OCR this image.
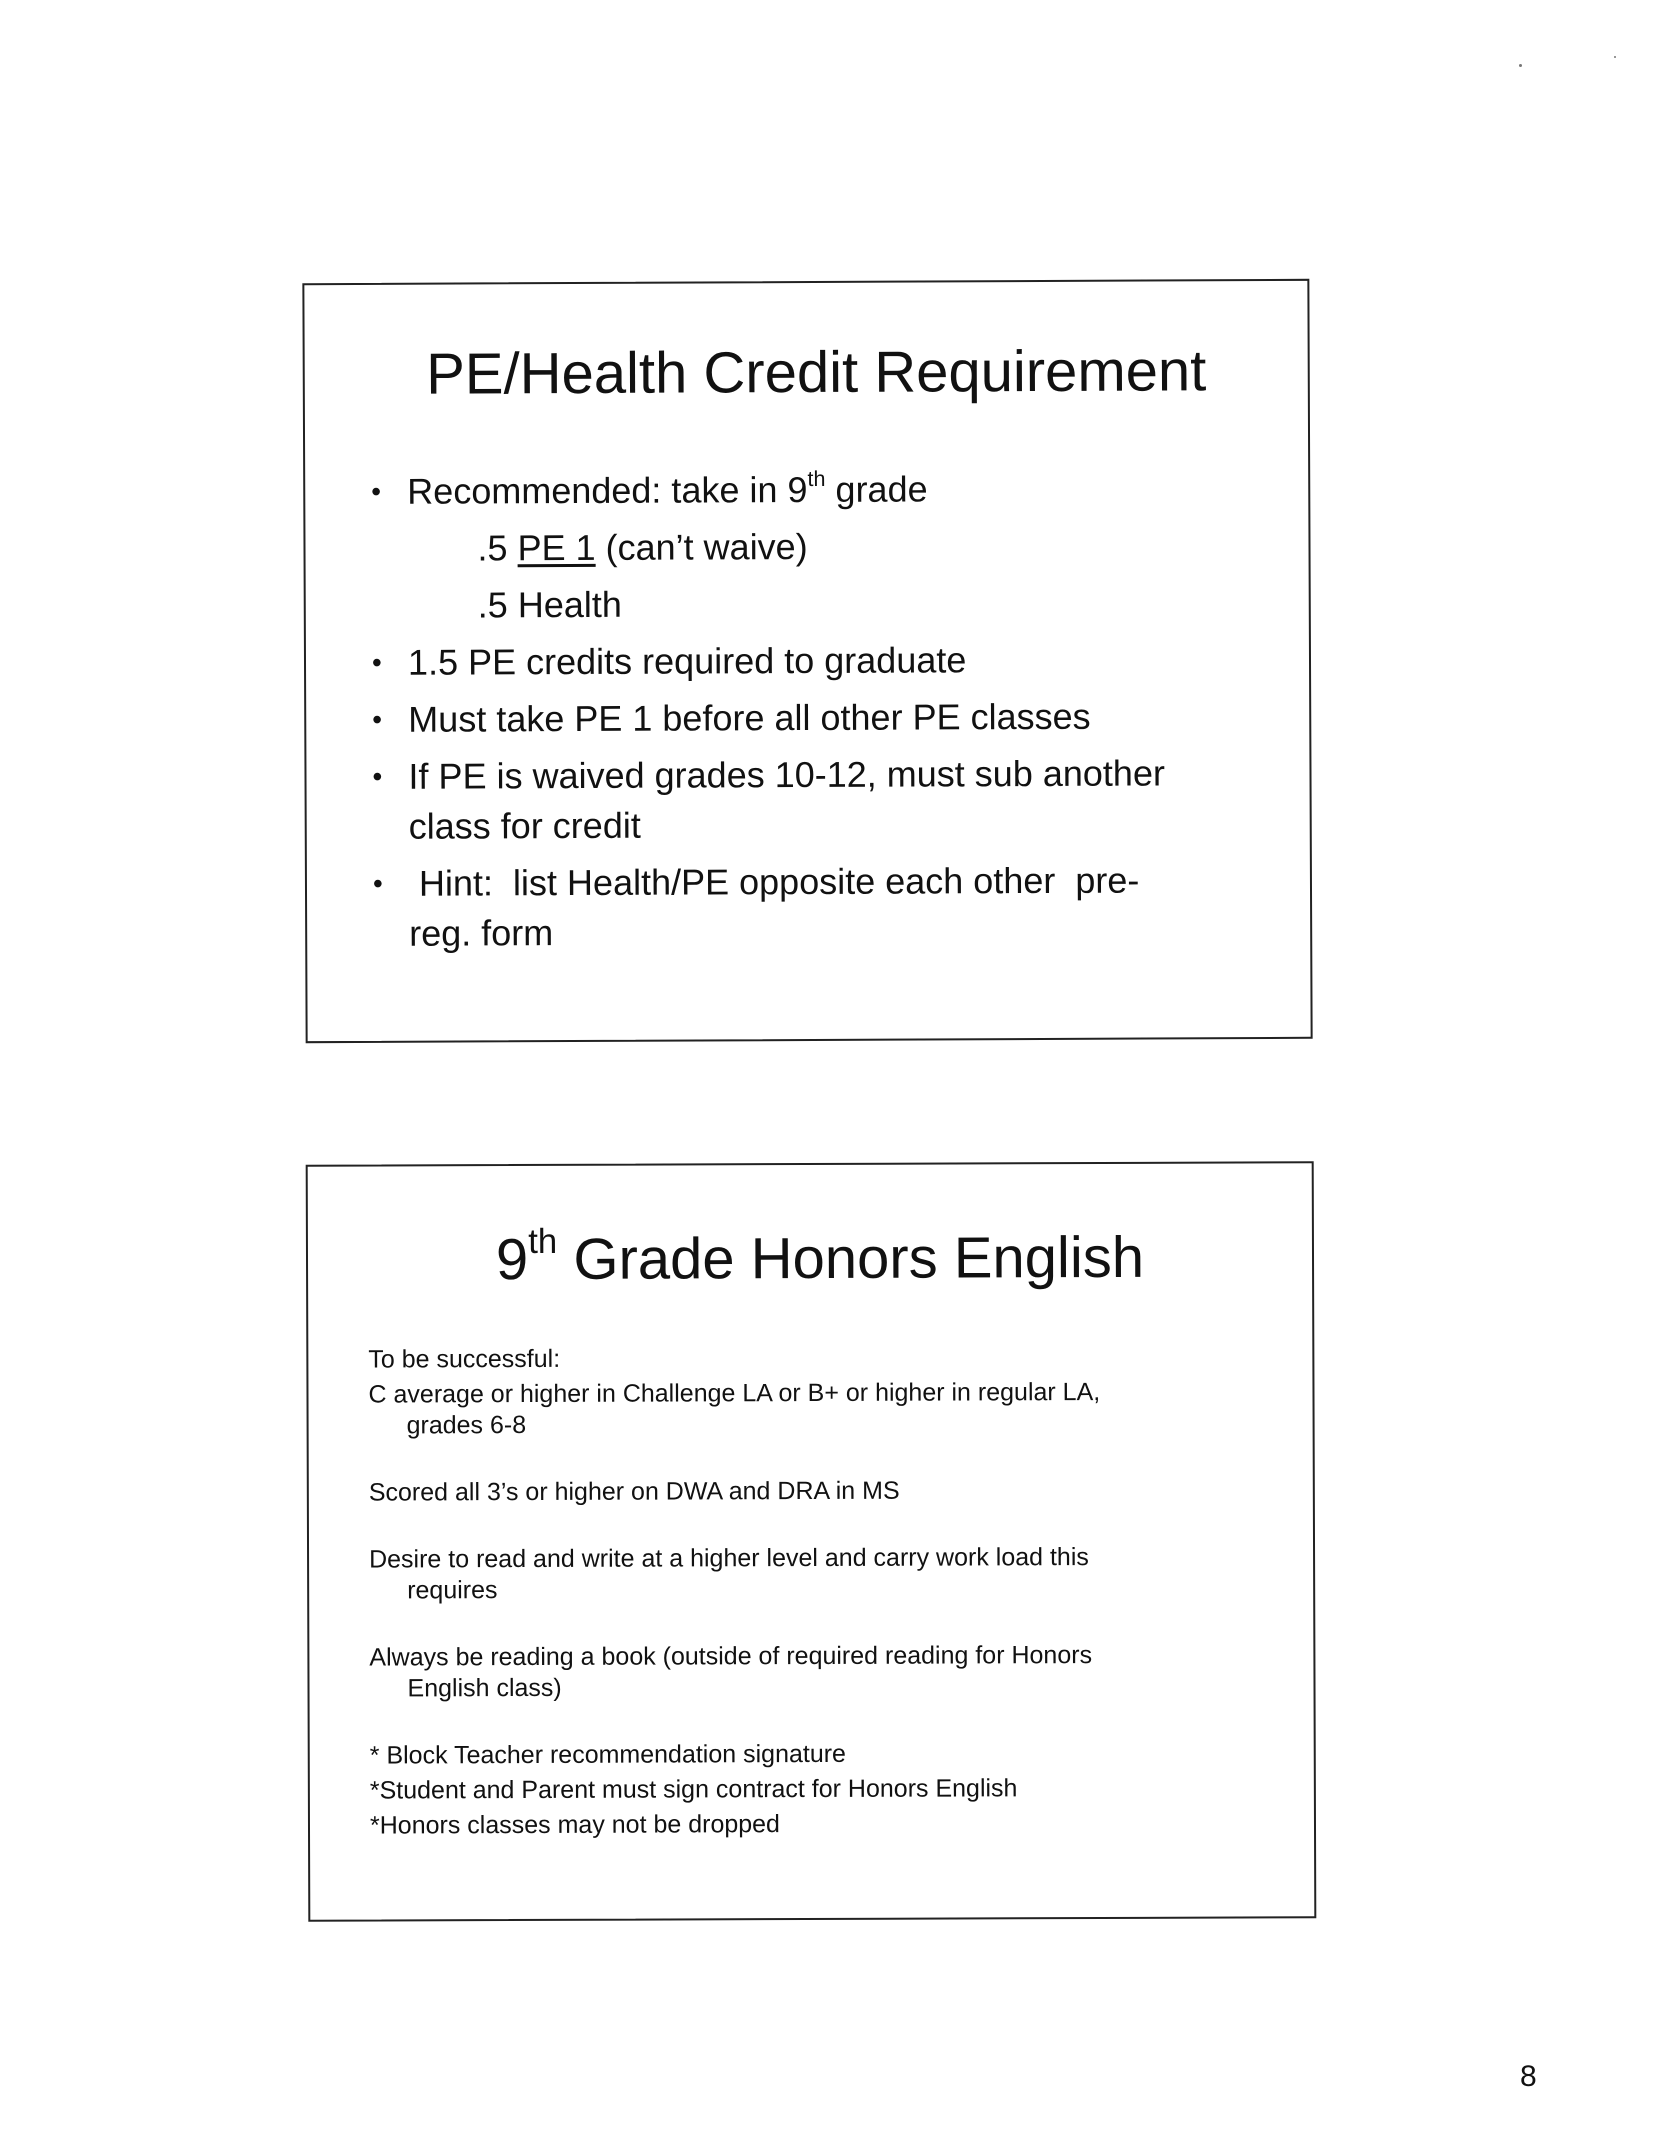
PE/Health Credit Requirement
• Recommended: take in 9th grade
.5 PE 1 (can’t waive)
.5 Health
• 1.5 PE credits required to graduate
• Must take PE 1 before all other PE classes
• If PE is waived grades 10-12, must sub another
class for credit
• Hint:  list Health/PE opposite each other  pre-
reg. form
9th Grade Honors English
To be successful:
C average or higher in Challenge LA or B+ or higher in regular LA,
grades 6-8
Scored all 3’s or higher on DWA and DRA in MS
Desire to read and write at a higher level and carry work load this
requires
Always be reading a book (outside of required reading for Honors
English class)
* Block Teacher recommendation signature
*Student and Parent must sign contract for Honors English
*Honors classes may not be dropped
8
